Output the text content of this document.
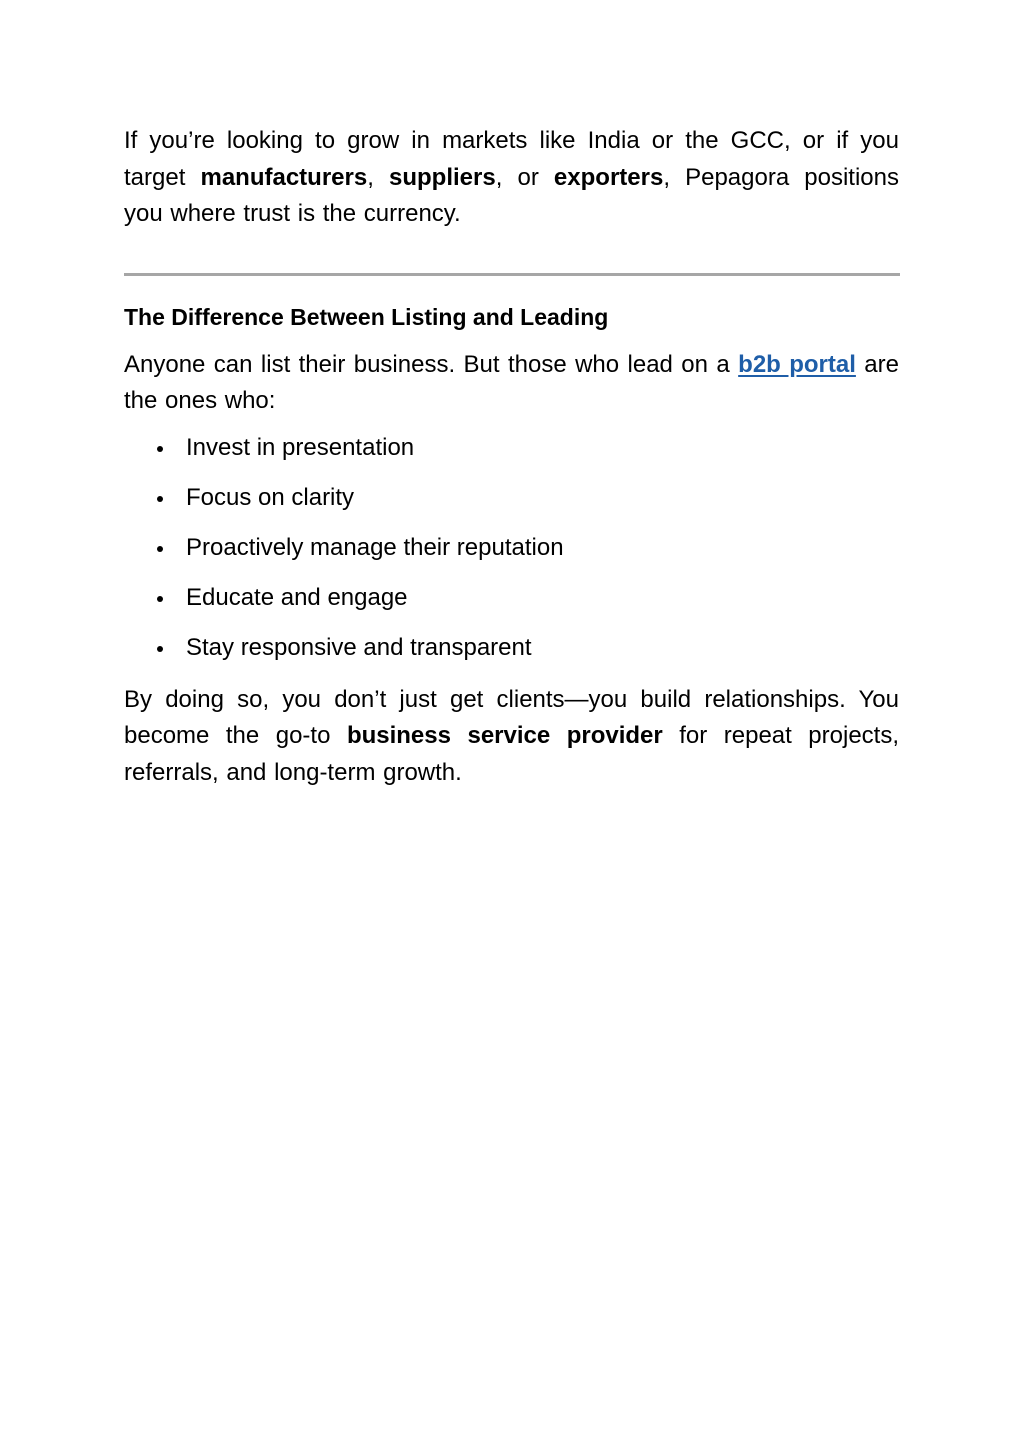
If you’re looking to grow in markets like India or the GCC, or if you target manufacturers, suppliers, or exporters, Pepagora positions you where trust is the currency.

The Difference Between Listing and Leading

Anyone can list their business. But those who lead on a b2b portal are the ones who:

Invest in presentation
Focus on clarity
Proactively manage their reputation
Educate and engage
Stay responsive and transparent

By doing so, you don’t just get clients—you build relationships. You become the go-to business service provider for repeat projects, referrals, and long-term growth.
